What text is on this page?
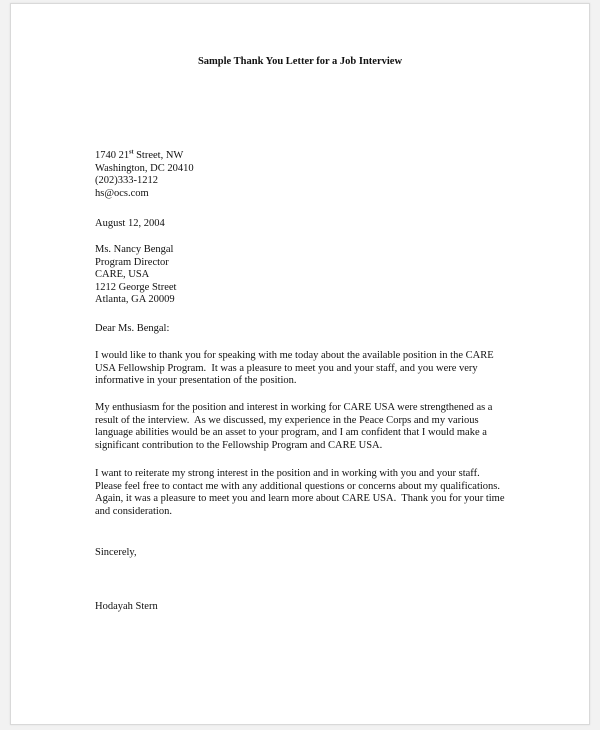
Sample Thank You Letter for a Job Interview
1740 21st Street, NW
Washington, DC 20410
(202)333-1212
hs@ocs.com
August 12, 2004
Ms. Nancy Bengal
Program Director
CARE, USA
1212 George Street
Atlanta, GA 20009
Dear Ms. Bengal:
I would like to thank you for speaking with me today about the available position in the CARE
USA Fellowship Program.  It was a pleasure to meet you and your staff, and you were very
informative in your presentation of the position.
My enthusiasm for the position and interest in working for CARE USA were strengthened as a
result of the interview.  As we discussed, my experience in the Peace Corps and my various
language abilities would be an asset to your program, and I am confident that I would make a
significant contribution to the Fellowship Program and CARE USA.
I want to reiterate my strong interest in the position and in working with you and your staff.
Please feel free to contact me with any additional questions or concerns about my qualifications.
Again, it was a pleasure to meet you and learn more about CARE USA.  Thank you for your time
and consideration.
Sincerely,
Hodayah Stern
